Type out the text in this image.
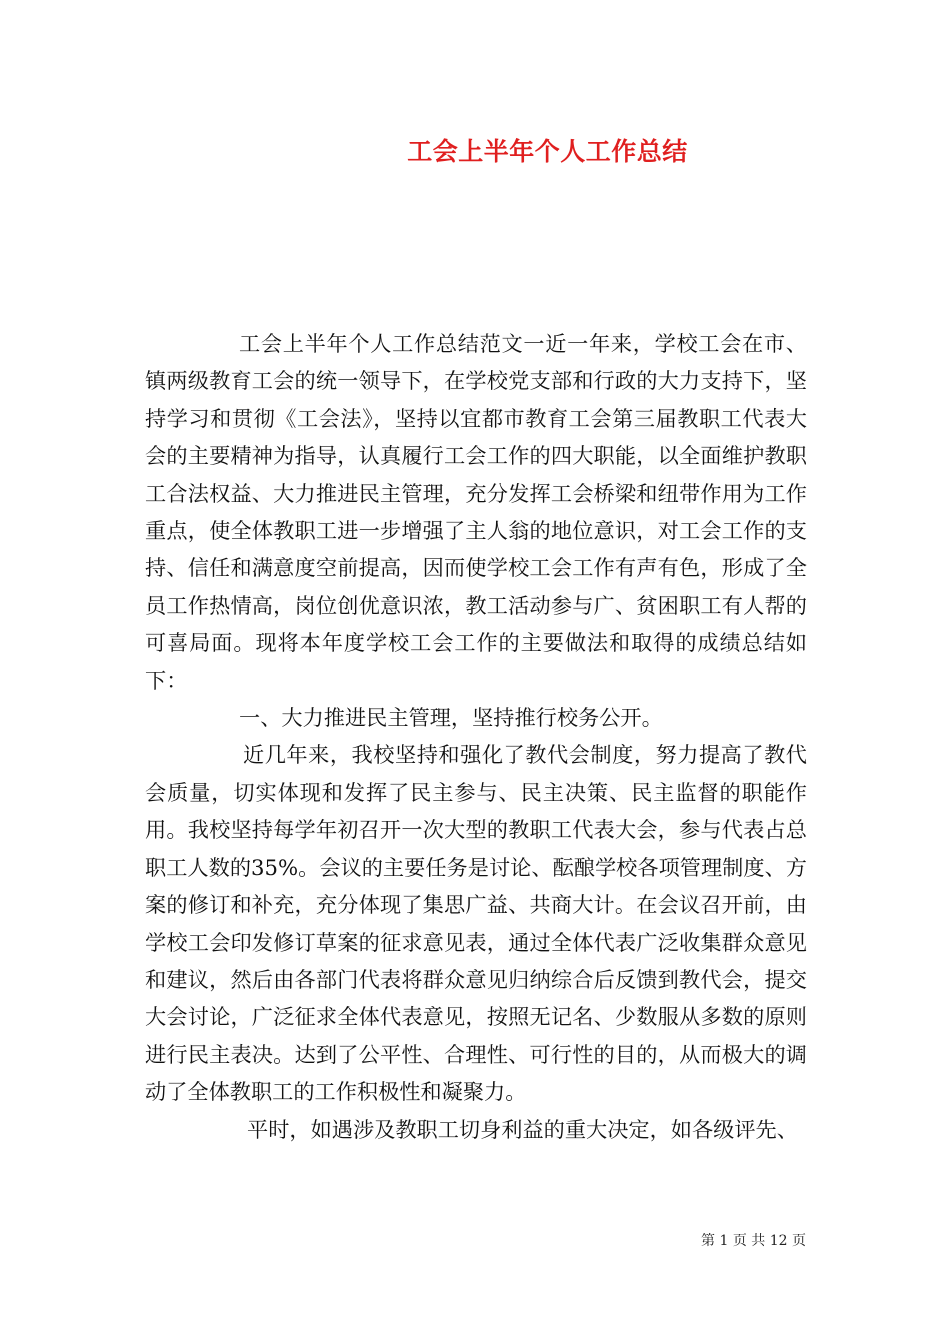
工会上半年个人工作总结

工会上半年个人工作总结范文一近一年来，学校工会在市、镇两级教育工会的统一领导下，在学校党支部和行政的大力支持下，坚持学习和贯彻《工会法》，坚持以宜都市教育工会第三届教职工代表大会的主要精神为指导，认真履行工会工作的四大职能，以全面维护教职工合法权益、大力推进民主管理，充分发挥工会桥梁和纽带作用为工作重点，使全体教职工进一步增强了主人翁的地位意识，对工会工作的支持、信任和满意度空前提高，因而使学校工会工作有声有色，形成了全员工作热情高，岗位创优意识浓，教工活动参与广、贫困职工有人帮的可喜局面。现将本年度学校工会工作的主要做法和取得的成绩总结如下：

一、大力推进民主管理，坚持推行校务公开。

近几年来，我校坚持和强化了教代会制度，努力提高了教代会质量，切实体现和发挥了民主参与、民主决策、民主监督的职能作用。我校坚持每学年初召开一次大型的教职工代表大会，参与代表占总职工人数的35%。会议的主要任务是讨论、酝酿学校各项管理制度、方案的修订和补充，充分体现了集思广益、共商大计。在会议召开前，由学校工会印发修订草案的征求意见表，通过全体代表广泛收集群众意见和建议，然后由各部门代表将群众意见归纳综合后反馈到教代会，提交大会讨论，广泛征求全体代表意见，按照无记名、少数服从多数的原则进行民主表决。达到了公平性、合理性、可行性的目的，从而极大的调动了全体教职工的工作积极性和凝聚力。

平时，如遇涉及教职工切身利益的重大决定，如各级评先、

第 1 页 共 12 页
